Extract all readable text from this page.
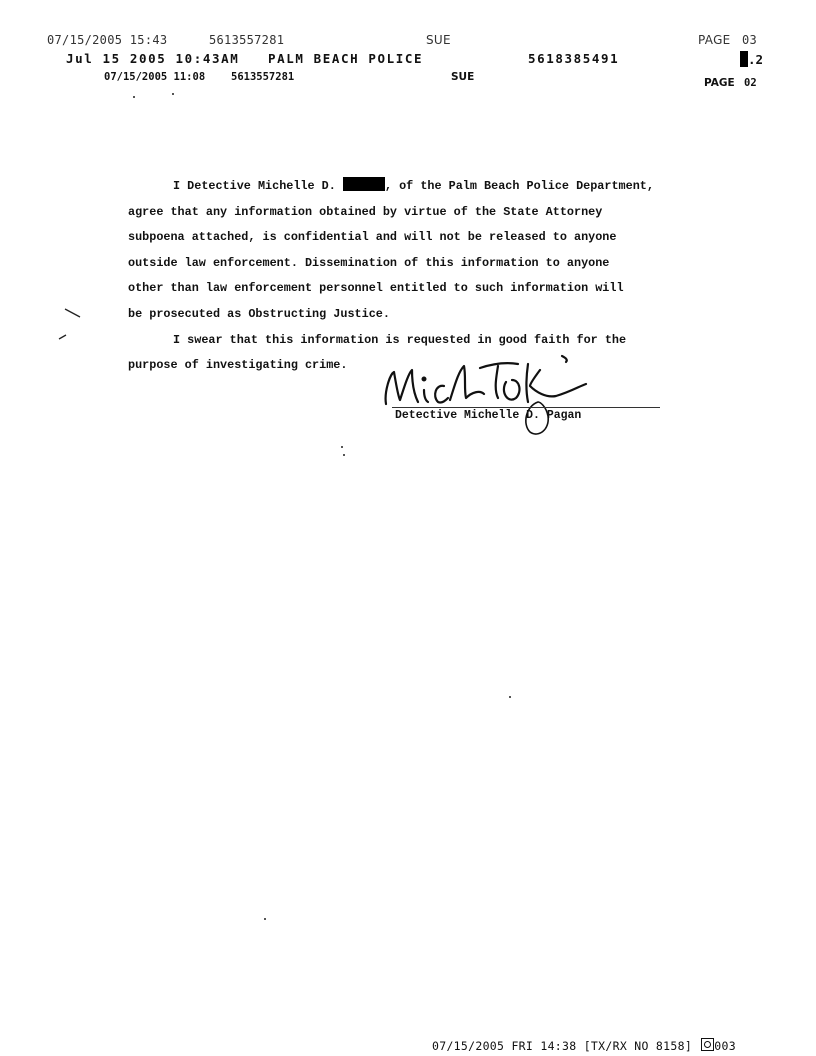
07/15/2005 15:43	5613557281	SUE	PAGE 03
Jul 15 2005 10:43AM PALM BEACH POLICE	5618385491	.2
07/15/2005 11:08 5613557281	SUE	PAGE 02
I Detective Michelle D.	, of the Palm Beach Police Department,
agree that any information obtained by virtue of the State Attorney
subpoena attached, is confidential and will not be released to anyone
outside law enforcement. Dissemination of this information to anyone
other than law enforcement personnel entitled to such information will
be prosecuted as Obstructing Justice.
I swear that this information is requested in good faith for the
purpose of investigating crime.
Detective Michelle D. Pagan
07/15/2005 FRI 14:38 [TX/RX NO 8158] 003
